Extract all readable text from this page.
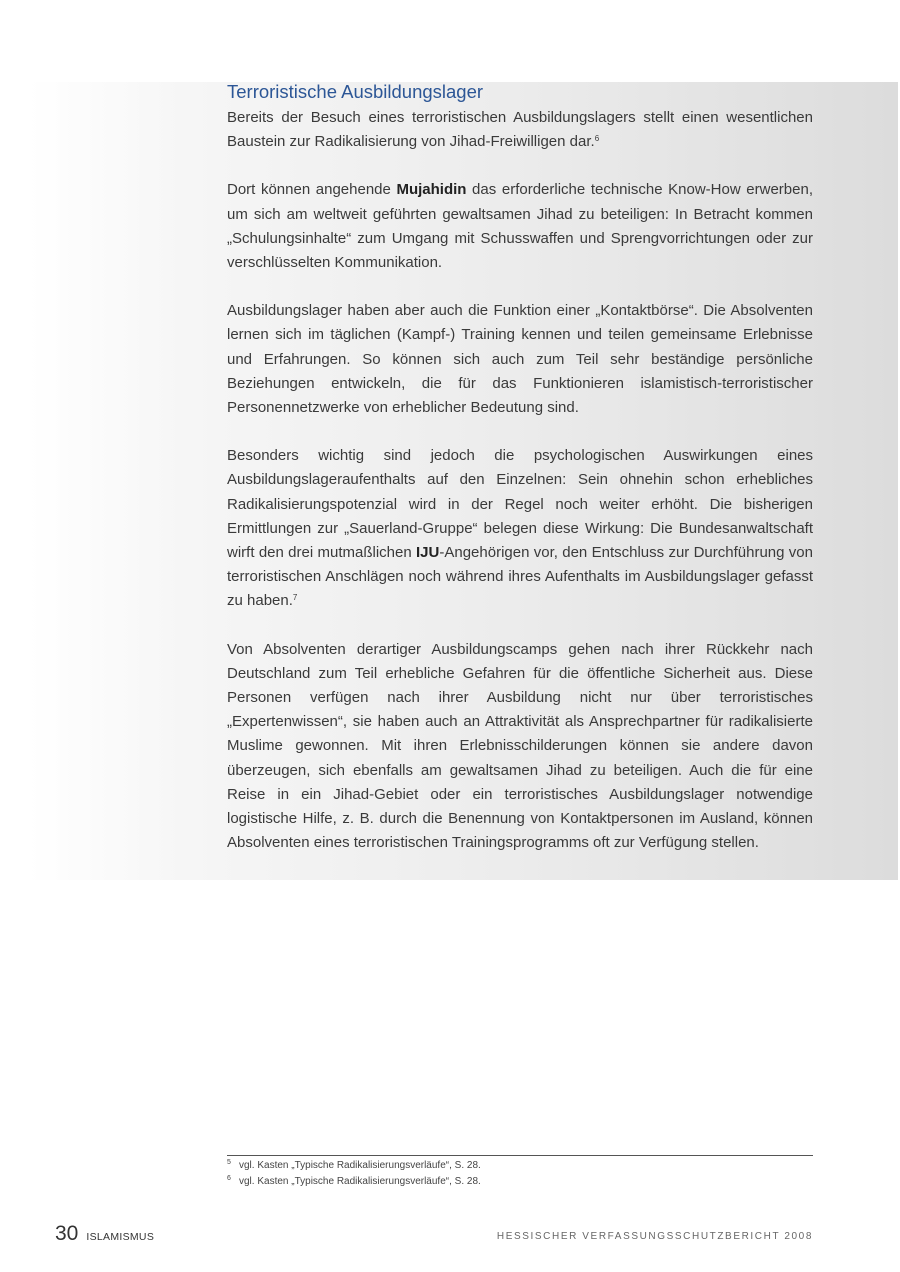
Terroristische Ausbildungslager

Bereits der Besuch eines terroristischen Ausbildungslagers stellt einen wesentlichen Baustein zur Radikalisierung von Jihad-Freiwilligen dar.$^6$

Dort können angehende Mujahidin das erforderliche technische Know-How erwerben, um sich am weltweit geführten gewaltsamen Jihad zu beteiligen: In Betracht kommen „Schulungsinhalte“ zum Umgang mit Schusswaffen und Sprengvorrichtungen oder zur verschlüsselten Kommunikation.

Ausbildungslager haben aber auch die Funktion einer „Kontaktbörse“. Die Absolventen lernen sich im täglichen (Kampf-) Training kennen und teilen gemeinsame Erlebnisse und Erfahrungen. So können sich auch zum Teil sehr beständige persönliche Beziehungen entwickeln, die für das Funktionieren islamistisch-terroristischer Personennetzwerke von erheblicher Bedeutung sind.

Besonders wichtig sind jedoch die psychologischen Auswirkungen eines Ausbildungslageraufenthalts auf den Einzelnen: Sein ohnehin schon erhebliches Radikalisierungspotenzial wird in der Regel noch weiter erhöht. Die bisherigen Ermittlungen zur „Sauerland-Gruppe“ belegen diese Wirkung: Die Bundesanwaltschaft wirft den drei mutmaßlichen IJU-Angehörigen vor, den Entschluss zur Durchführung von terroristischen Anschlägen noch während ihres Aufenthalts im Ausbildungslager gefasst zu haben.$^7$

Von Absolventen derartiger Ausbildungscamps gehen nach ihrer Rückkehr nach Deutschland zum Teil erhebliche Gefahren für die öffentliche Sicherheit aus. Diese Personen verfügen nach ihrer Ausbildung nicht nur über terroristisches „Expertenwissen“, sie haben auch an Attraktivität als Ansprechpartner für radikalisierte Muslime gewonnen. Mit ihren Erlebnisschilderungen können sie andere davon überzeugen, sich ebenfalls am gewaltsamen Jihad zu beteiligen. Auch die für eine Reise in ein Jihad-Gebiet oder ein terroristisches Ausbildungslager notwendige logistische Hilfe, z. B. durch die Benennung von Kontaktpersonen im Ausland, können Absolventen eines terroristischen Trainingsprogramms oft zur Verfügung stellen.

5 vgl. Kasten „Typische Radikalisierungsverläufe“, S. 28.
6 vgl. Kasten „Typische Radikalisierungsverläufe“, S. 28.
30 ISLAMISMUS	HESSISCHER VERFASSUNGSSCHUTZBERICHT 2008
